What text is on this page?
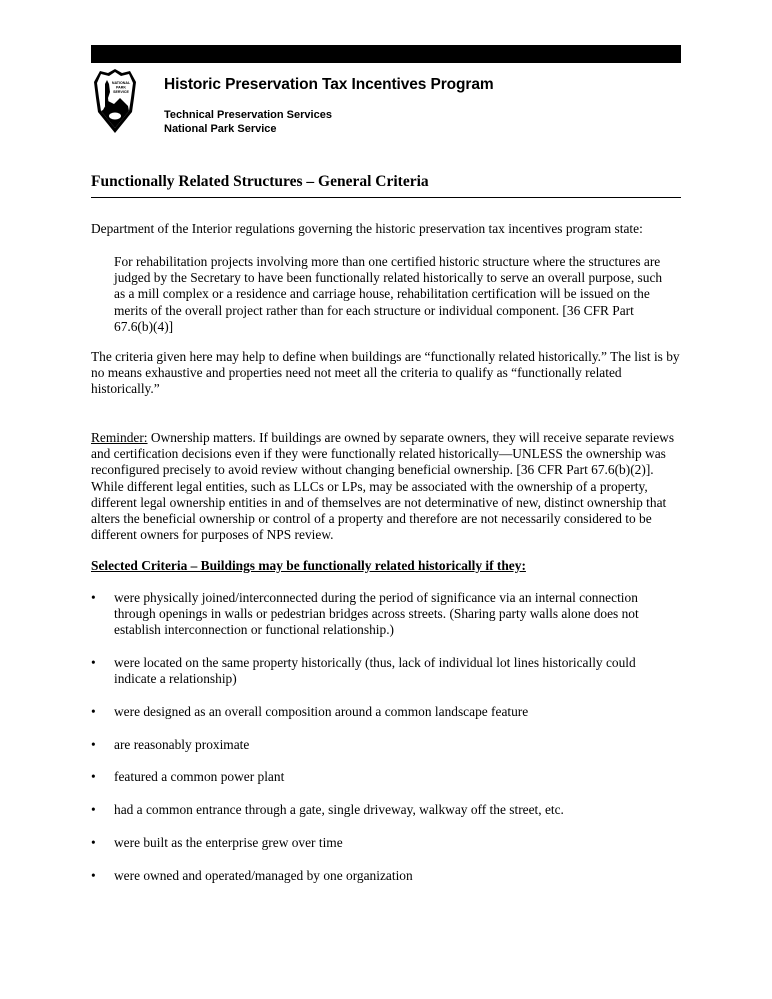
NATIONAL
PARK
SERVICE Historic Preservation Tax Incentives Program
Technical Preservation Services
National Park Service
Functionally Related Structures – General Criteria

Department of the Interior regulations governing the historic preservation tax incentives program state:

For rehabilitation projects involving more than one certified historic structure where the structures are judged by the Secretary to have been functionally related historically to serve an overall purpose, such as a mill complex or a residence and carriage house, rehabilitation certification will be issued on the merits of the overall project rather than for each structure or individual component. [36 CFR Part 67.6(b)(4)]

The criteria given here may help to define when buildings are “functionally related historically.” The list is by no means exhaustive and properties need not meet all the criteria to qualify as “functionally related historically.”

Reminder: Ownership matters. If buildings are owned by separate owners, they will receive separate reviews and certification decisions even if they were functionally related historically—UNLESS the ownership was reconfigured precisely to avoid review without changing beneficial ownership. [36 CFR Part 67.6(b)(2)]. While different legal entities, such as LLCs or LPs, may be associated with the ownership of a property, different legal ownership entities in and of themselves are not determinative of new, distinct ownership that alters the beneficial ownership or control of a property and therefore are not necessarily considered to be different owners for purposes of NPS review.

Selected Criteria – Buildings may be functionally related historically if they:
• were physically joined/interconnected during the period of significance via an internal connection through openings in walls or pedestrian bridges across streets. (Sharing party walls alone does not establish interconnection or functional relationship.)
• were located on the same property historically (thus, lack of individual lot lines historically could indicate a relationship)
• were designed as an overall composition around a common landscape feature
• are reasonably proximate
• featured a common power plant
• had a common entrance through a gate, single driveway, walkway off the street, etc.
• were built as the enterprise grew over time
• were owned and operated/managed by one organization
